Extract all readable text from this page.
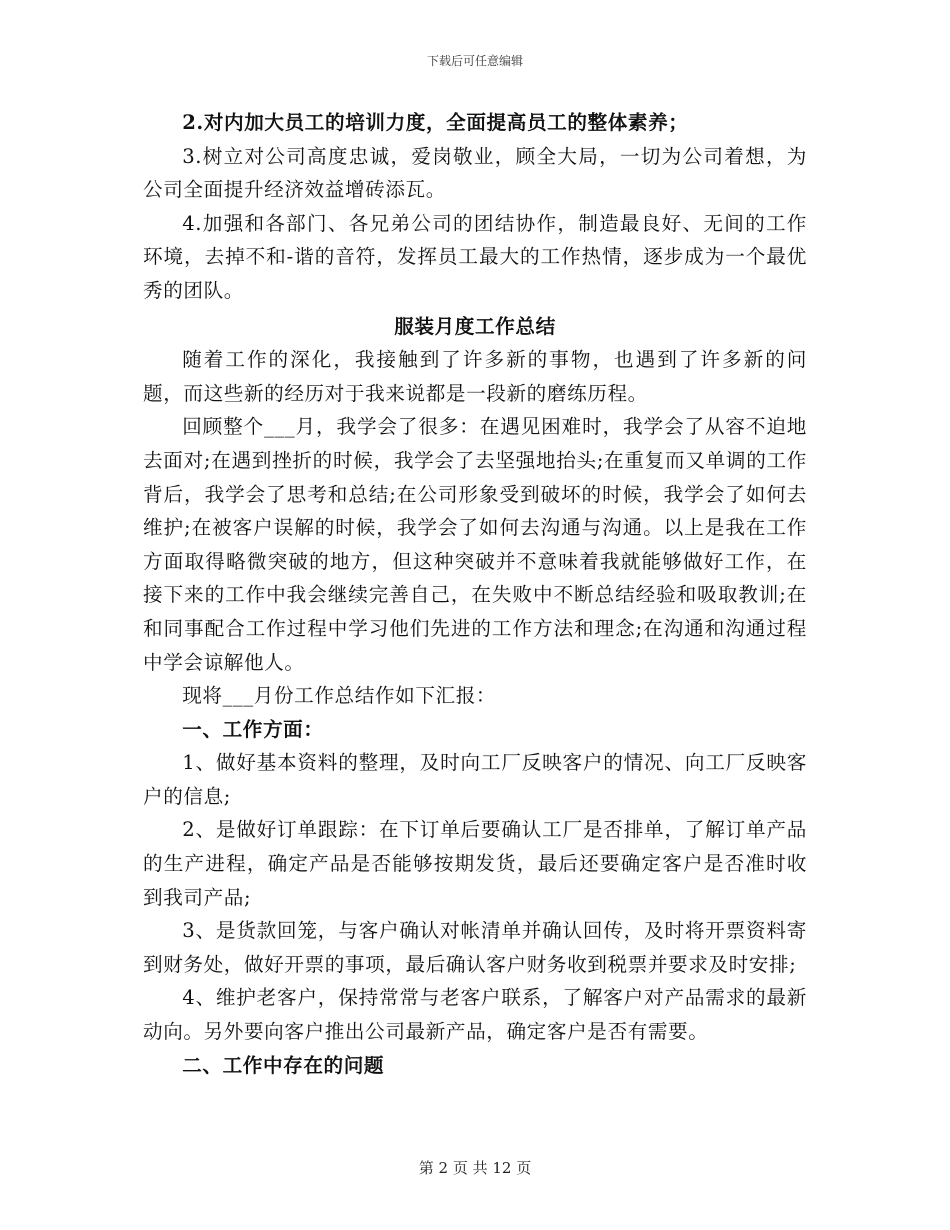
下载后可任意编辑

2.对内加大员工的培训力度，全面提高员工的整体素养；

3.树立对公司高度忠诚，爱岗敬业，顾全大局，一切为公司着想，为公司全面提升经济效益增砖添瓦。

4.加强和各部门、各兄弟公司的团结协作，制造最良好、无间的工作环境，去掉不和-谐的音符，发挥员工最大的工作热情，逐步成为一个最优秀的团队。

服装月度工作总结

随着工作的深化，我接触到了许多新的事物，也遇到了许多新的问题，而这些新的经历对于我来说都是一段新的磨练历程。

回顾整个___月，我学会了很多：在遇见困难时，我学会了从容不迫地去面对;在遇到挫折的时候，我学会了去坚强地抬头;在重复而又单调的工作背后，我学会了思考和总结;在公司形象受到破坏的时候，我学会了如何去维护;在被客户误解的时候，我学会了如何去沟通与沟通。以上是我在工作方面取得略微突破的地方，但这种突破并不意味着我就能够做好工作，在接下来的工作中我会继续完善自己，在失败中不断总结经验和吸取教训;在和同事配合工作过程中学习他们先进的工作方法和理念;在沟通和沟通过程中学会谅解他人。

现将___月份工作总结作如下汇报：

一、工作方面：

1、做好基本资料的整理，及时向工厂反映客户的情况、向工厂反映客户的信息;

2、是做好订单跟踪：在下订单后要确认工厂是否排单，了解订单产品的生产进程，确定产品是否能够按期发货，最后还要确定客户是否准时收到我司产品;

3、是货款回笼，与客户确认对帐清单并确认回传，及时将开票资料寄到财务处，做好开票的事项，最后确认客户财务收到税票并要求及时安排;

4、维护老客户，保持常常与老客户联系，了解客户对产品需求的最新动向。另外要向客户推出公司最新产品，确定客户是否有需要。

二、工作中存在的问题

第 2 页 共 12 页
